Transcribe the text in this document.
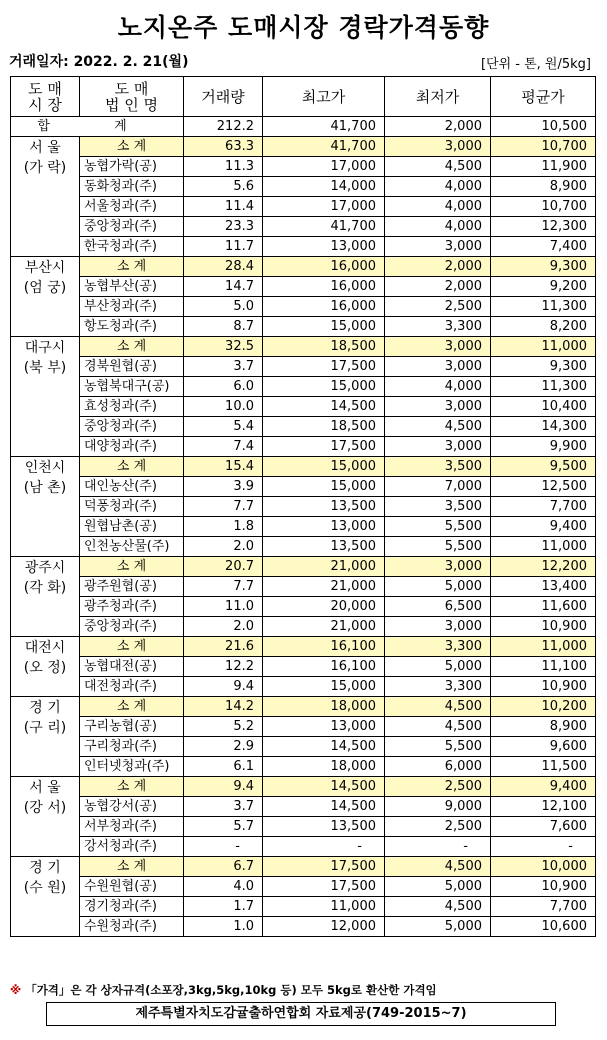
노지온주 도매시장 경락가격동향
거래일자: 2022. 2. 21(월)	[단위 - 톤, 원/5kg]
도 매
시 장	도 매
법 인 명	거래량	최고가	최저가	평균가
합 계		212.2	41,700	2,000	10,500

서 울
(가 락)	소 계	63.3	41,700	3,000	10,700
	농협가락(공)	11.3	17,000	4,500	11,900
	동화청과(주)	5.6	14,000	4,000	8,900
	서울청과(주)	11.4	17,000	4,000	10,700
	중앙청과(주)	23.3	41,700	4,000	12,300
	한국청과(주)	11.7	13,000	3,000	7,400

부산시
(엄 궁)	소 계	28.4	16,000	2,000	9,300
	농협부산(공)	14.7	16,000	2,000	9,200
	부산청과(주)	5.0	16,000	2,500	11,300
	항도청과(주)	8.7	15,000	3,300	8,200

대구시
(북 부)	소 계	32.5	18,500	3,000	11,000
	경북원협(공)	3.7	17,500	3,000	9,300
	농협북대구(공)	6.0	15,000	4,000	11,300
	효성청과(주)	10.0	14,500	3,000	10,400
	중앙청과(주)	5.4	18,500	4,500	14,300
	대양청과(주)	7.4	17,500	3,000	9,900

인천시
(남 촌)	소 계	15.4	15,000	3,500	9,500
	대인농산(주)	3.9	15,000	7,000	12,500
	덕풍청과(주)	7.7	13,500	3,500	7,700
	원협남촌(공)	1.8	13,000	5,500	9,400
	인천농산물(주)	2.0	13,500	5,500	11,000

광주시
(각 화)	소 계	20.7	21,000	3,000	12,200
	광주원협(공)	7.7	21,000	5,000	13,400
	광주청과(주)	11.0	20,000	6,500	11,600
	중앙청과(주)	2.0	21,000	3,000	10,900

대전시
(오 정)	소 계	21.6	16,100	3,300	11,000
	농협대전(공)	12.2	16,100	5,000	11,100
	대전청과(주)	9.4	15,000	3,300	10,900

경 기
(구 리)	소 계	14.2	18,000	4,500	10,200
	구리농협(공)	5.2	13,000	4,500	8,900
	구리청과(주)	2.9	14,500	5,500	9,600
	인터넷청과(주)	6.1	18,000	6,000	11,500

서 울
(강 서)	소 계	9.4	14,500	2,500	9,400
	농협강서(공)	3.7	14,500	9,000	12,100
	서부청과(주)	5.7	13,500	2,500	7,600
	강서청과(주)	-	-	-	-

경 기
(수 원)	소 계	6.7	17,500	4,500	10,000
	수원원협(공)	4.0	17,500	5,000	10,900
	경기청과(주)	1.7	11,000	4,500	7,700
	수원청과(주)	1.0	12,000	5,000	10,600
※ 「가격」은 각 상자규격(소포장,3kg,5kg,10kg 등) 모두 5kg로 환산한 가격임
제주특별자치도감귤출하연합회 자료제공(749-2015~7)
